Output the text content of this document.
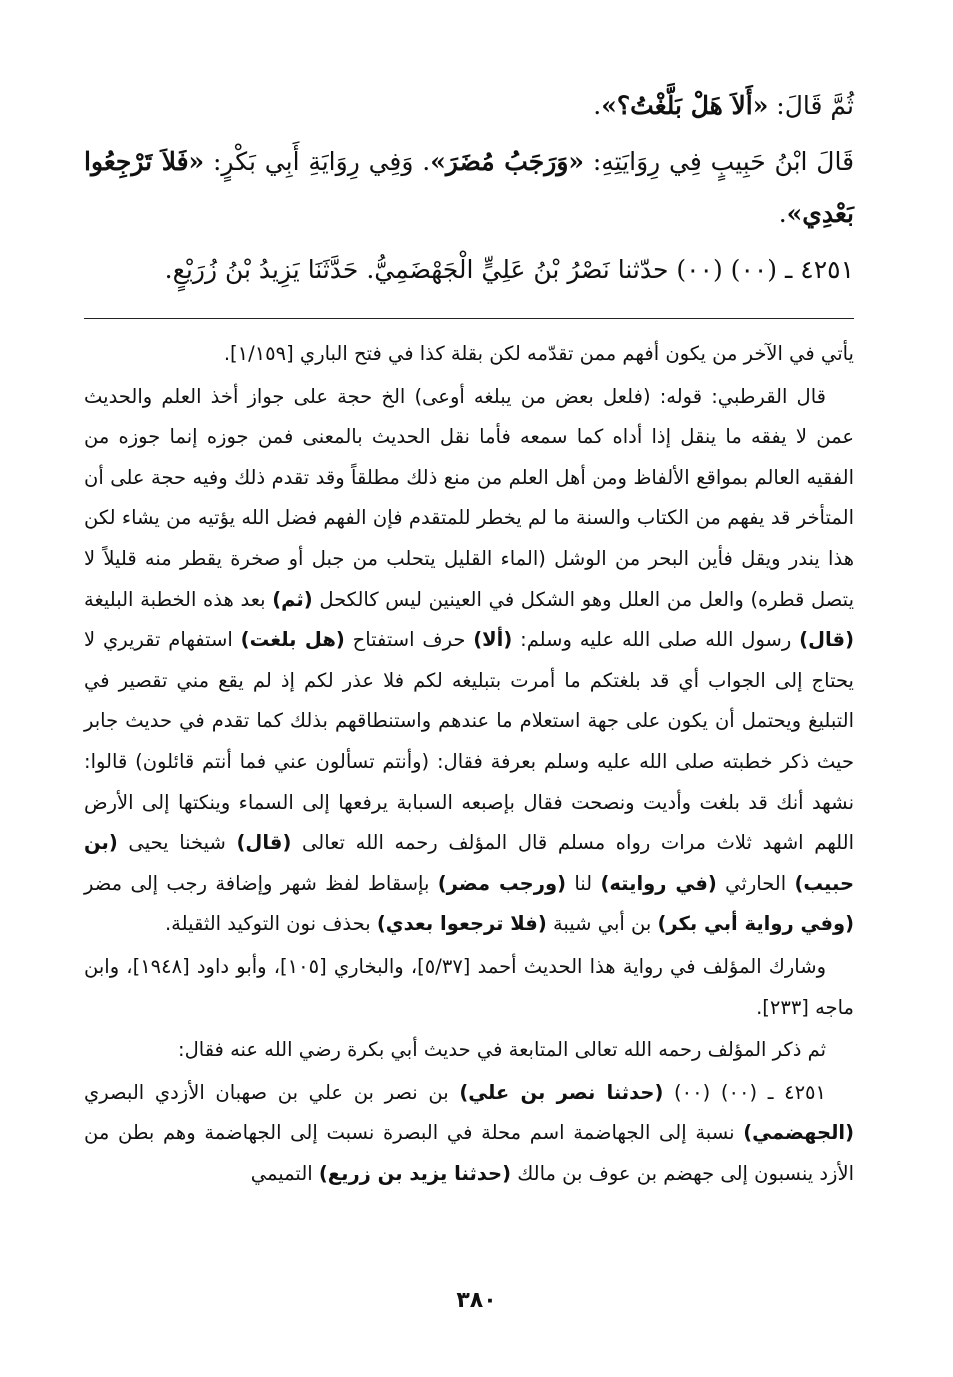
ثُمَّ قَالَ: «أَلاَ هَلْ بَلَّغْتُ؟».

قَالَ ابْنُ حَبِيبٍ فِي رِوَايَتِهِ: «وَرَجَبُ مُضَرَ». وَفِي رِوَايَةِ أَبِي بَكْرٍ: «فَلاَ تَرْجِعُوا بَعْدِي».

٤٢٥١ ـ (٠٠) (٠٠) حدّثنا نَصْرُ بْنُ عَلِيٍّ الْجَهْضَمِيُّ. حَدَّثَنَا يَزِيدُ بْنُ زُرَيْعٍ.

يأتي في الآخر من يكون أفهم ممن تقدّمه لكن بقلة كذا في فتح الباري [١/١٥٩].

قال القرطبي: قوله: (فلعل بعض من يبلغه أوعى) الخ حجة على جواز أخذ العلم والحديث عمن لا يفقه ما ينقل إذا أداه كما سمعه فأما نقل الحديث بالمعنى فمن جوزه إنما جوزه من الفقيه العالم بمواقع الألفاظ ومن أهل العلم من منع ذلك مطلقاً وقد تقدم ذلك وفيه حجة على أن المتأخر قد يفهم من الكتاب والسنة ما لم يخطر للمتقدم فإن الفهم فضل الله يؤتيه من يشاء لكن هذا يندر ويقل فأين البحر من الوشل (الماء القليل يتحلب من جبل أو صخرة يقطر منه قليلاً لا يتصل قطره) والعل من العلل وهو الشكل في العينين ليس كالكحل (ثم) بعد هذه الخطبة البليغة (قال) رسول الله صلى الله عليه وسلم: (ألا) حرف استفتاح (هل بلغت) استفهام تقريري لا يحتاج إلى الجواب أي قد بلغتكم ما أمرت بتبليغه لكم فلا عذر لكم إذ لم يقع مني تقصير في التبليغ ويحتمل أن يكون على جهة استعلام ما عندهم واستنطاقهم بذلك كما تقدم في حديث جابر حيث ذكر خطبته صلى الله عليه وسلم بعرفة فقال: (وأنتم تسألون عني فما أنتم قائلون) قالوا: نشهد أنك قد بلغت وأديت ونصحت فقال بإصبعه السبابة يرفعها إلى السماء وينكتها إلى الأرض اللهم اشهد ثلاث مرات رواه مسلم قال المؤلف رحمه الله تعالى (قال) شيخنا يحيى (بن حبيب) الحارثي (في روايته) لنا (ورجب مضر) بإسقاط لفظ شهر وإضافة رجب إلى مضر (وفي رواية أبي بكر) بن أبي شيبة (فلا ترجعوا بعدي) بحذف نون التوكيد الثقيلة.

وشارك المؤلف في رواية هذا الحديث أحمد [٥/٣٧]، والبخاري [١٠٥]، وأبو داود [١٩٤٨]، وابن ماجه [٢٣٣].

ثم ذكر المؤلف رحمه الله تعالى المتابعة في حديث أبي بكرة رضي الله عنه فقال:

٤٢٥١ ـ (٠٠) (٠٠) (حدثنا نصر بن علي) بن نصر بن علي بن صهبان الأزدي البصري (الجهضمي) نسبة إلى الجهاضمة اسم محلة في البصرة نسبت إلى الجهاضمة وهم بطن من الأزد ينسبون إلى جهضم بن عوف بن مالك (حدثنا يزيد بن زريع) التميمي

٣٨٠
